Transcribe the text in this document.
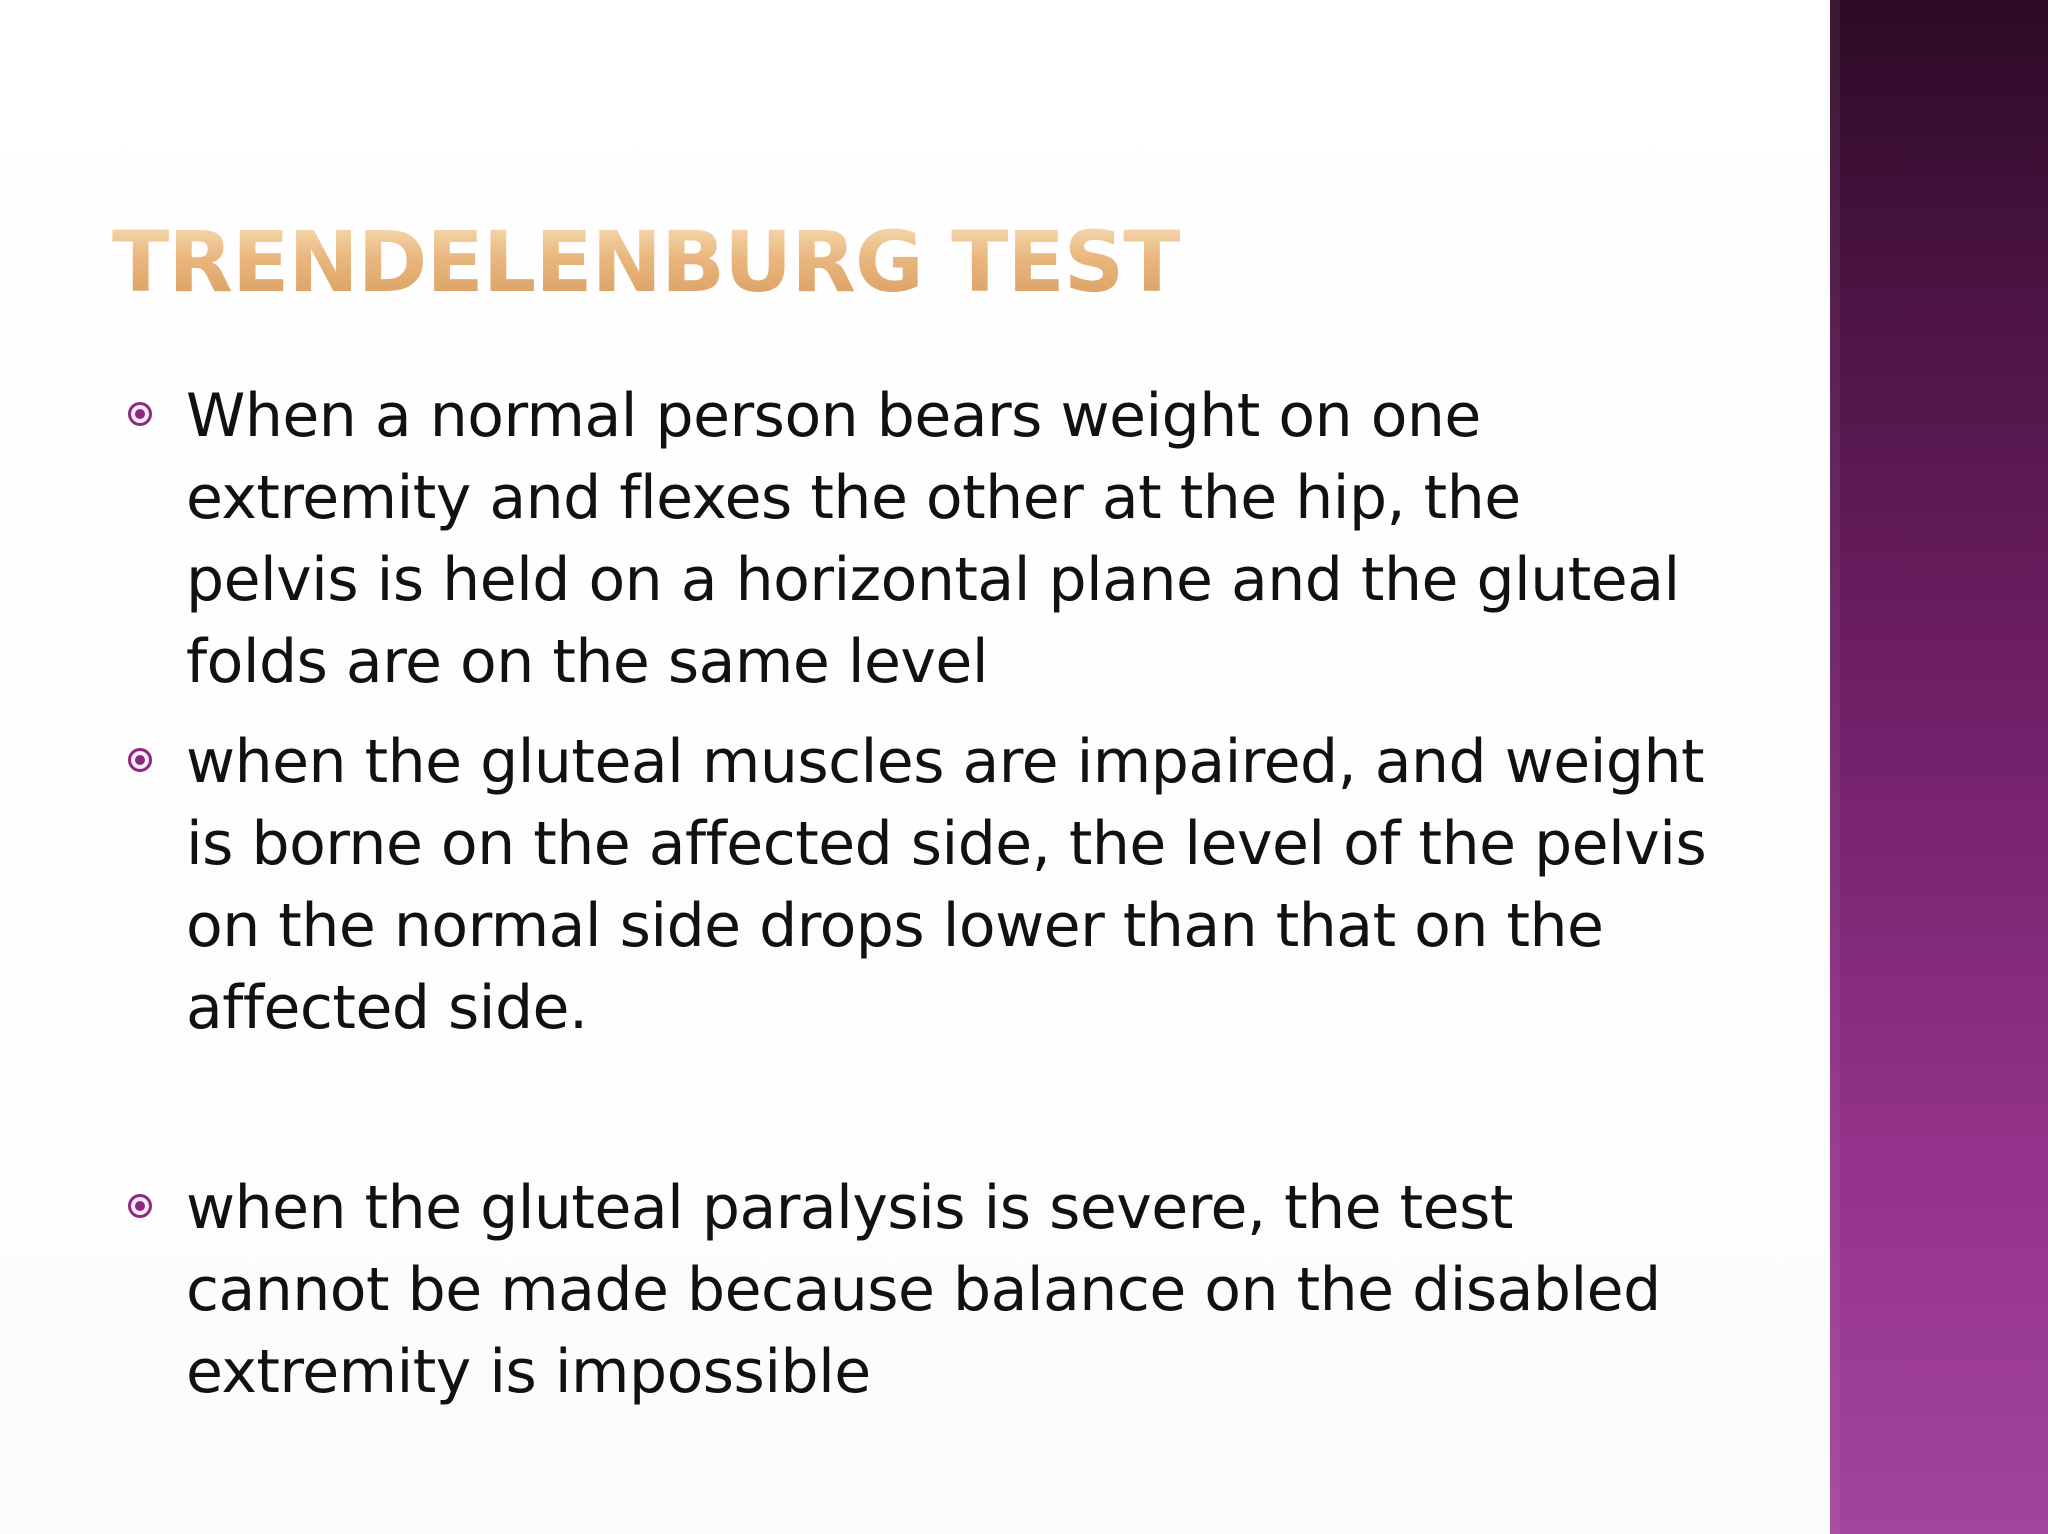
TRENDELENBURG TEST
When a normal person bears weight on one extremity and flexes the other at the hip, the pelvis is held on a horizontal plane and the gluteal folds are on the same level
when the gluteal muscles are impaired, and weight is borne on the affected side, the level of the pelvis on the normal side drops lower than that on the affected side.
when the gluteal paralysis is severe, the test cannot be made because balance on the disabled extremity is impossible
